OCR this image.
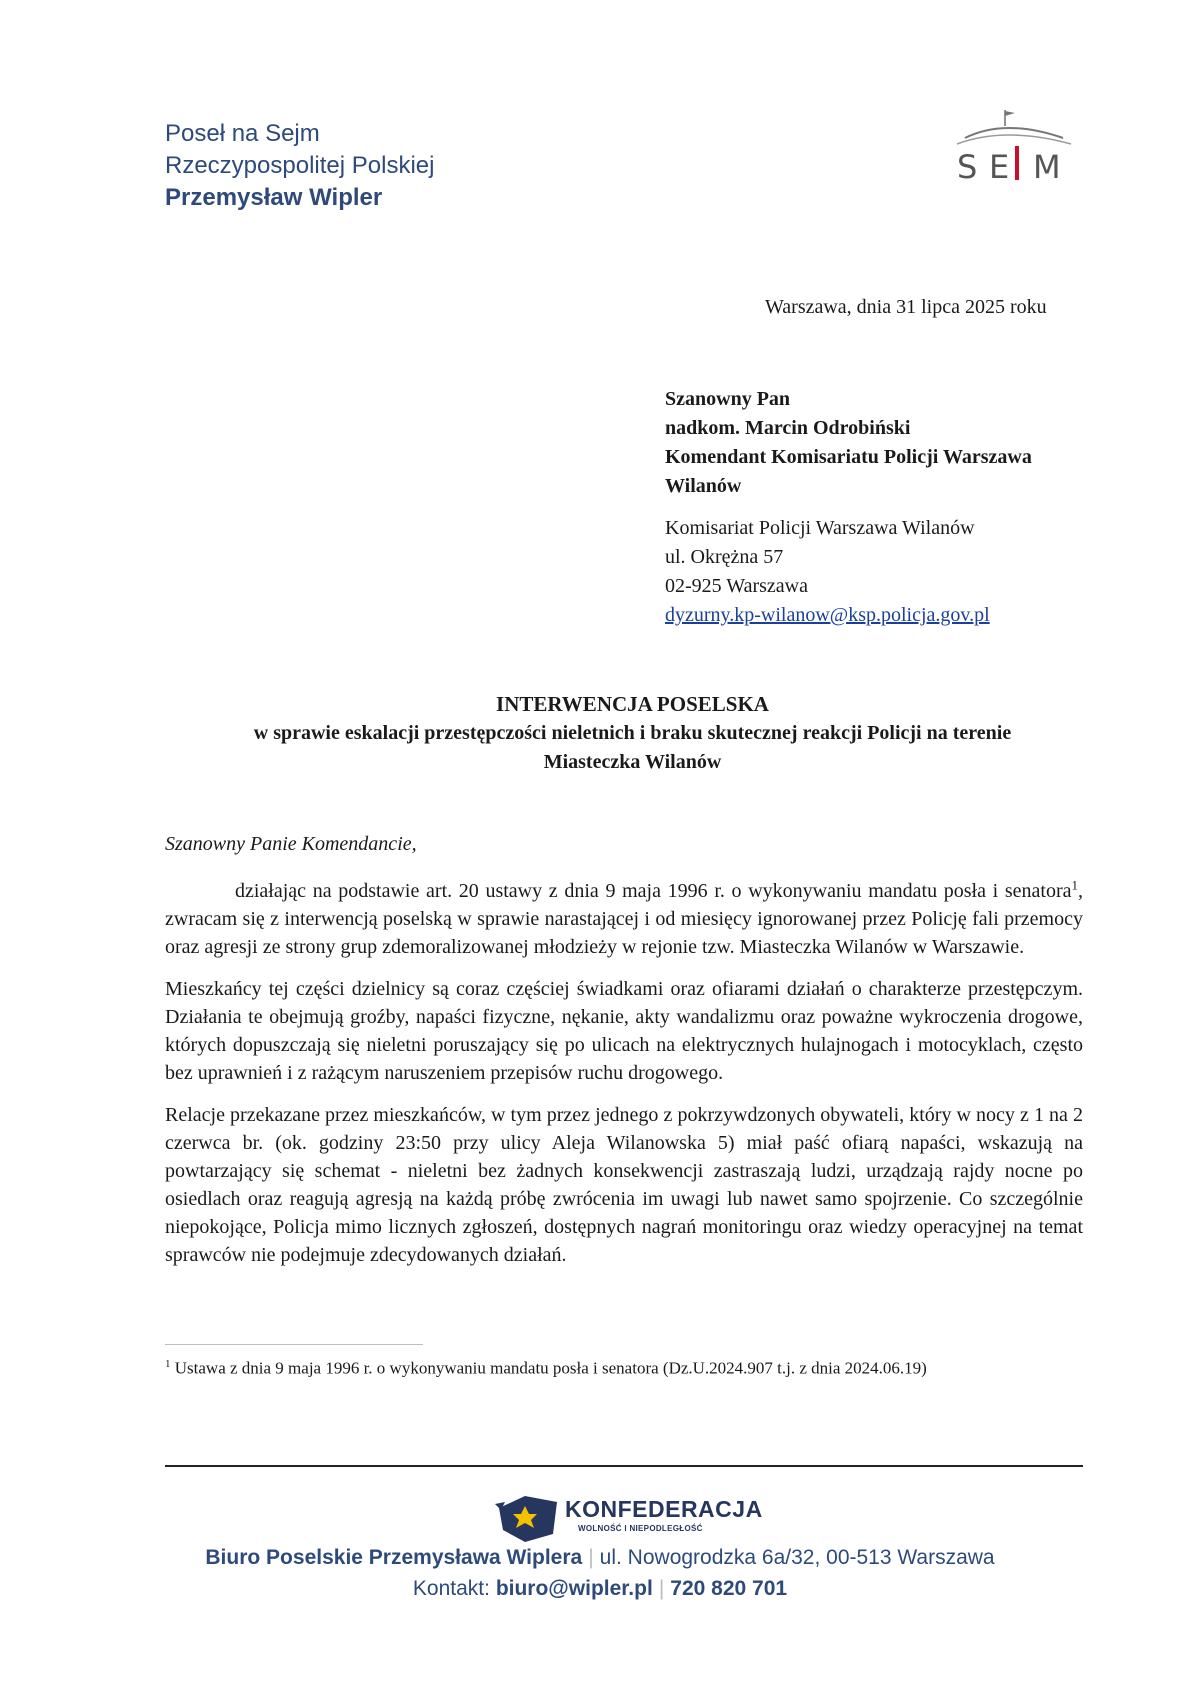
Poseł na Sejm
Rzeczypospolitej Polskiej
Przemysław Wipler
S E M
Warszawa, dnia 31 lipca 2025 roku
Szanowny Pan
nadkom. Marcin Odrobiński
Komendant Komisariatu Policji Warszawa
Wilanów
Komisariat Policji Warszawa Wilanów
ul. Okrężna 57
02-925 Warszawa
dyzurny.kp-wilanow@ksp.policja.gov.pl
INTERWENCJA POSELSKA
w sprawie eskalacji przestępczości nieletnich i braku skutecznej reakcji Policji na terenie
Miasteczka Wilanów
Szanowny Panie Komendancie,

działając na podstawie art. 20 ustawy z dnia 9 maja 1996 r. o wykonywaniu mandatu posła i senatora$^1$, zwracam się z interwencją poselską w sprawie narastającej i od miesięcy ignorowanej przez Policję fali przemocy oraz agresji ze strony grup zdemoralizowanej młodzieży w rejonie tzw. Miasteczka Wilanów w Warszawie.

Mieszkańcy tej części dzielnicy są coraz częściej świadkami oraz ofiarami działań o charakterze przestępczym. Działania te obejmują groźby, napaści fizyczne, nękanie, akty wandalizmu oraz poważne wykroczenia drogowe, których dopuszczają się nieletni poruszający się po ulicach na elektrycznych hulajnogach i motocyklach, często bez uprawnień i z rażącym naruszeniem przepisów ruchu drogowego.

Relacje przekazane przez mieszkańców, w tym przez jednego z pokrzywdzonych obywateli, który w nocy z 1 na 2 czerwca br. (ok. godziny 23:50 przy ulicy Aleja Wilanowska 5) miał paść ofiarą napaści, wskazują na powtarzający się schemat - nieletni bez żadnych konsekwencji zastraszają ludzi, urządzają rajdy nocne po osiedlach oraz reagują agresją na każdą próbę zwrócenia im uwagi lub nawet samo spojrzenie. Co szczególnie niepokojące, Policja mimo licznych zgłoszeń, dostępnych nagrań monitoringu oraz wiedzy operacyjnej na temat sprawców nie podejmuje zdecydowanych działań.

$^1$ Ustawa z dnia 9 maja 1996 r. o wykonywaniu mandatu posła i senatora (Dz.U.2024.907 t.j. z dnia 2024.06.19)
KONFEDERACJA
WOLNOŚĆ I NIEPODLEGŁOŚĆ
Biuro Poselskie Przemysława Wiplera | ul. Nowogrodzka 6a/32, 00-513 Warszawa
Kontakt: biuro@wipler.pl | 720 820 701
